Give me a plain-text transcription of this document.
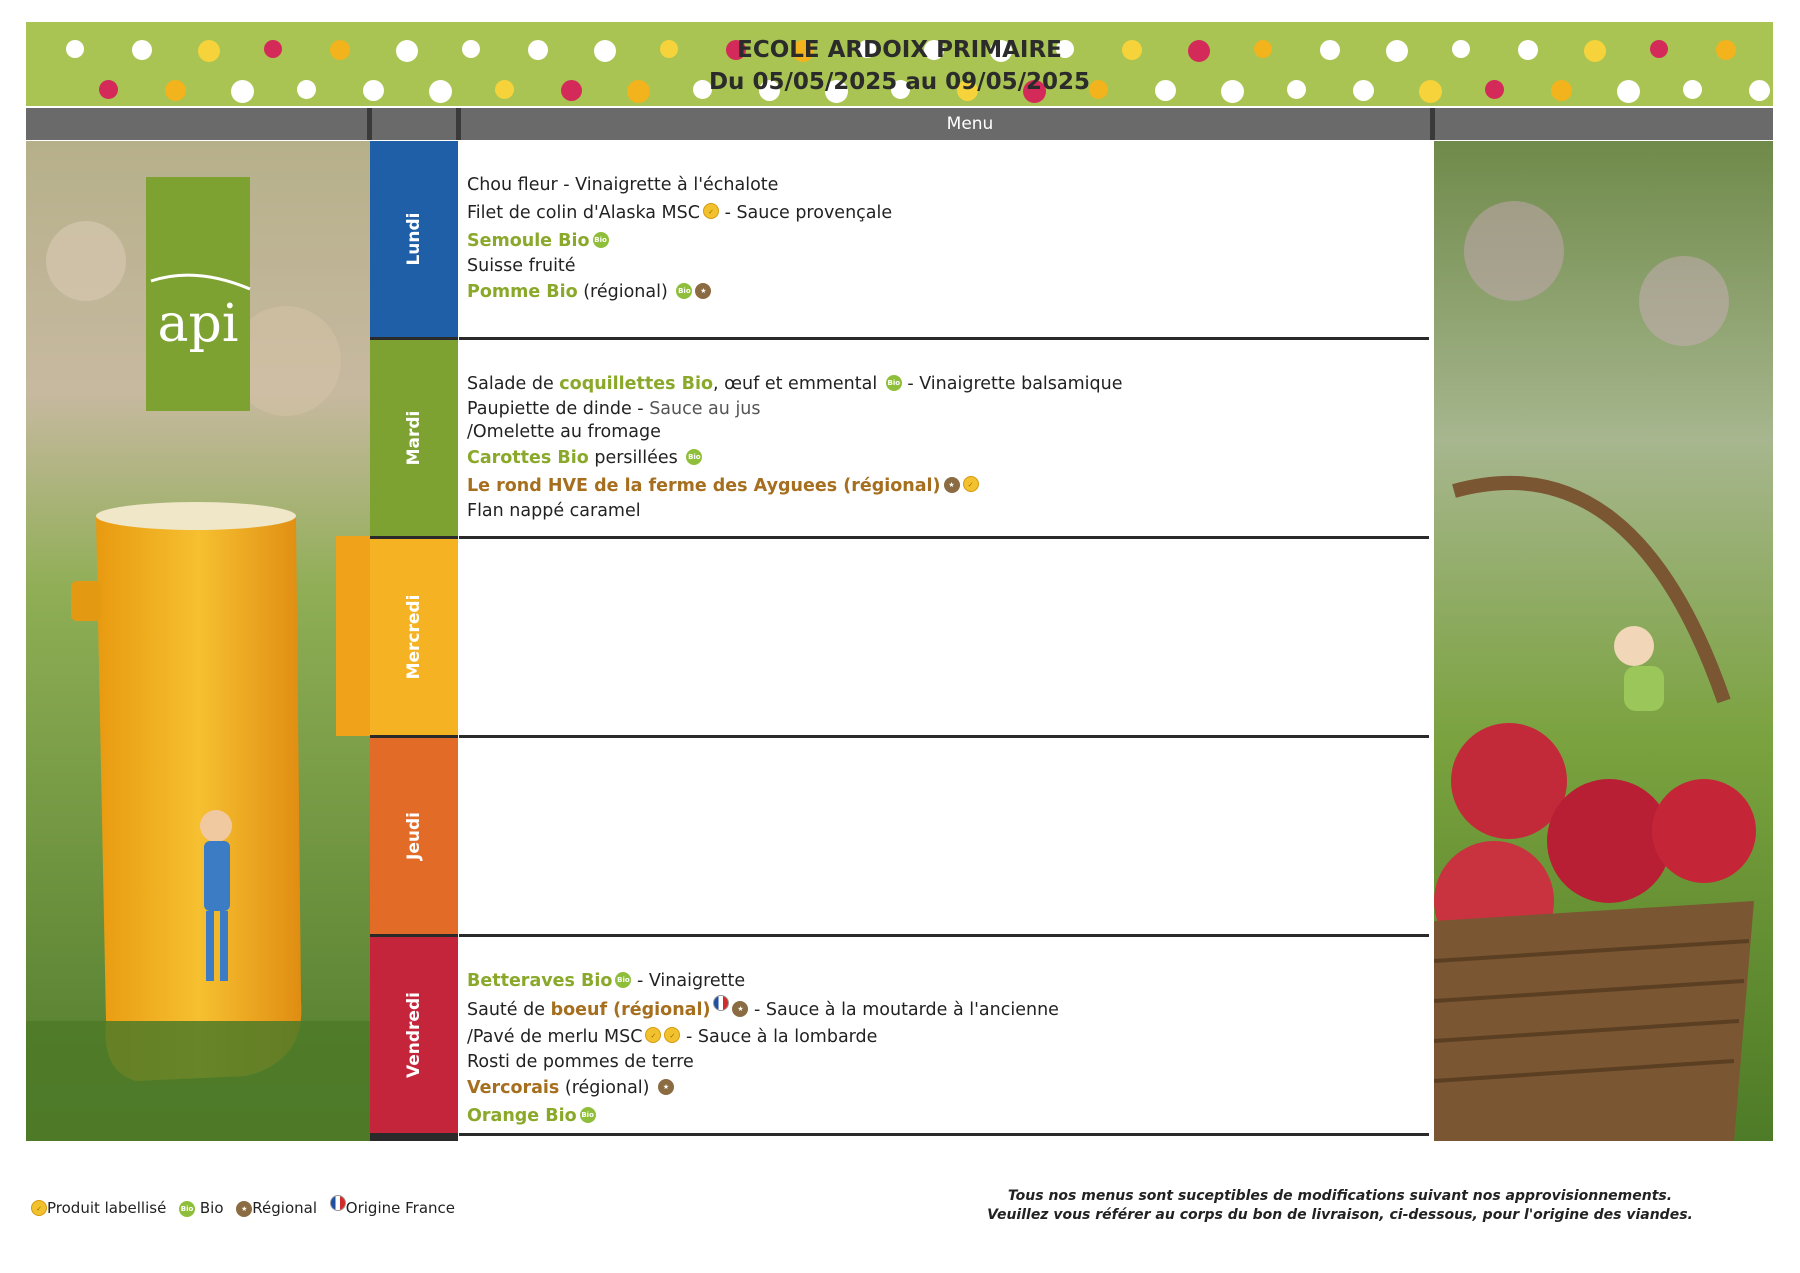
ECOLE ARDOIX PRIMAIRE
Du 05/05/2025 au 09/05/2025
Menu
api
Lundi
Chou fleur - Vinaigrette à l'échalote
Filet de colin d'Alaska MSC ✓ - Sauce provençale
Semoule Bio Bio
Suisse fruité
Pomme Bio (régional) Bio ★
Mardi
Salade de coquillettes Bio, œuf et emmental Bio - Vinaigrette balsamique
Paupiette de dinde - Sauce au jus
/Omelette au fromage
Carottes Bio persillées Bio
Le rond HVE de la ferme des Ayguees (régional) ★ ✓
Flan nappé caramel
Mercredi
Jeudi
Vendredi
Betteraves Bio Bio - Vinaigrette
Sauté de boeuf (régional)	★ - Sauce à la moutarde à l'ancienne
/Pavé de merlu MSC ✓ ✓ - Sauce à la lombarde
Rosti de pommes de terre
Vercorais (régional) ★
Orange Bio Bio
✓ Produit labellisé Bio Bio	★ Régional Origine France
Tous nos menus sont suceptibles de modifications suivant nos approvisionnements.
Veuillez vous référer au corps du bon de livraison, ci-dessous, pour l'origine des viandes.
